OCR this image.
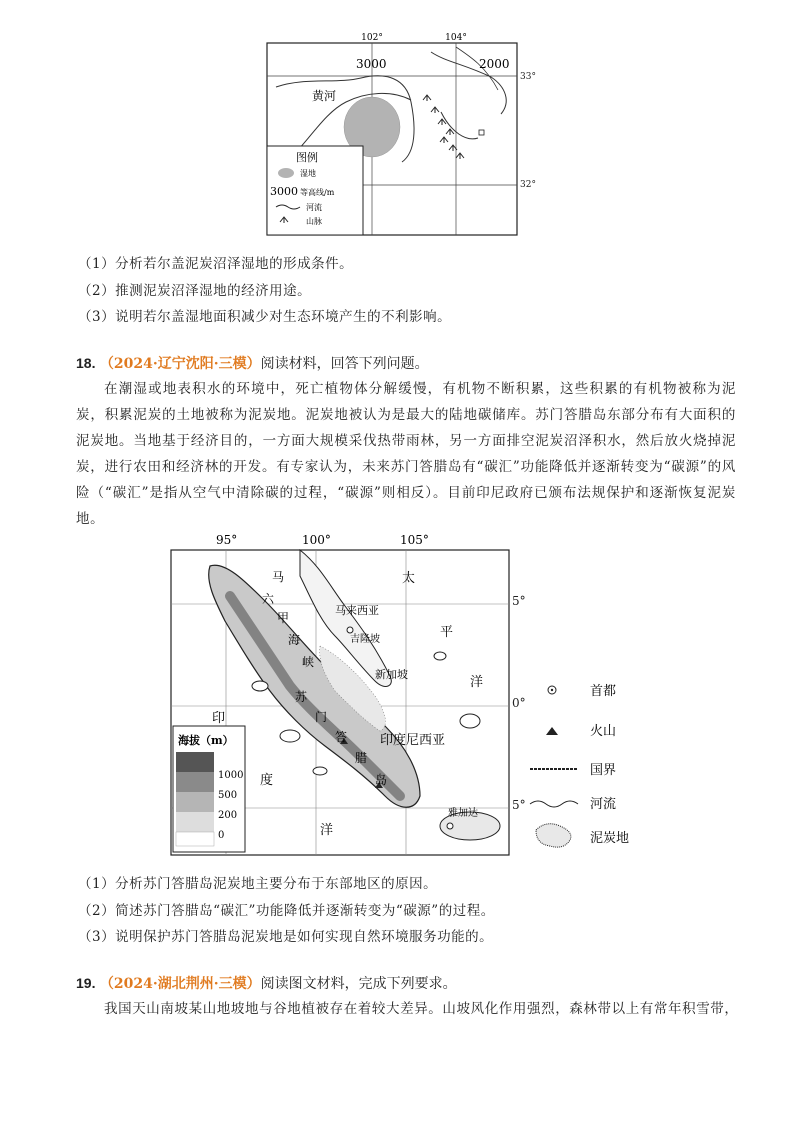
102°	104°
3000	2000
黄河
图例
湿地
3000 等高线/m
河流
山脉
33°
32°
（1）分析若尔盖泥炭沼泽湿地的形成条件。
（2）推测泥炭沼泽湿地的经济用途。
（3）说明若尔盖湿地面积减少对生态环境产生的不利影响。
18. （2024·辽宁沈阳·三模）阅读材料，回答下列问题。
在潮湿或地表积水的环境中，死亡植物体分解缓慢，有机物不断积累，这些积累的有机物被称为泥炭，积累泥炭的土地被称为泥炭地。泥炭地被认为是最大的陆地碳储库。苏门答腊岛东部分布有大面积的泥炭地。当地基于经济目的，一方面大规模采伐热带雨林，另一方面排空泥炭沼泽积水，然后放火烧掉泥炭，进行农田和经济林的开发。有专家认为，未来苏门答腊岛有“碳汇”功能降低并逐渐转变为“碳源”的风险（“碳汇”是指从空气中清除碳的过程，“碳源”则相反）。目前印尼政府已颁布法规保护和逐渐恢复泥炭地。
95°	100°	105°
马
六
甲
海
峡
马来西亚
吉隆坡
新加坡
太
平
洋
印
度
洋
印度尼西亚
苏
门
答
腊
岛
雅加达
海拔（m）
1000
500
200
0
5°
0°
5°
首都
火山
国界
河流
泥炭地
（1）分析苏门答腊岛泥炭地主要分布于东部地区的原因。
（2）简述苏门答腊岛“碳汇”功能降低并逐渐转变为“碳源”的过程。
（3）说明保护苏门答腊岛泥炭地是如何实现自然环境服务功能的。
19. （2024·湖北荆州·三模）阅读图文材料，完成下列要求。
我国天山南坡某山地坡地与谷地植被存在着较大差异。山坡风化作用强烈，森林带以上有常年积雪带，
